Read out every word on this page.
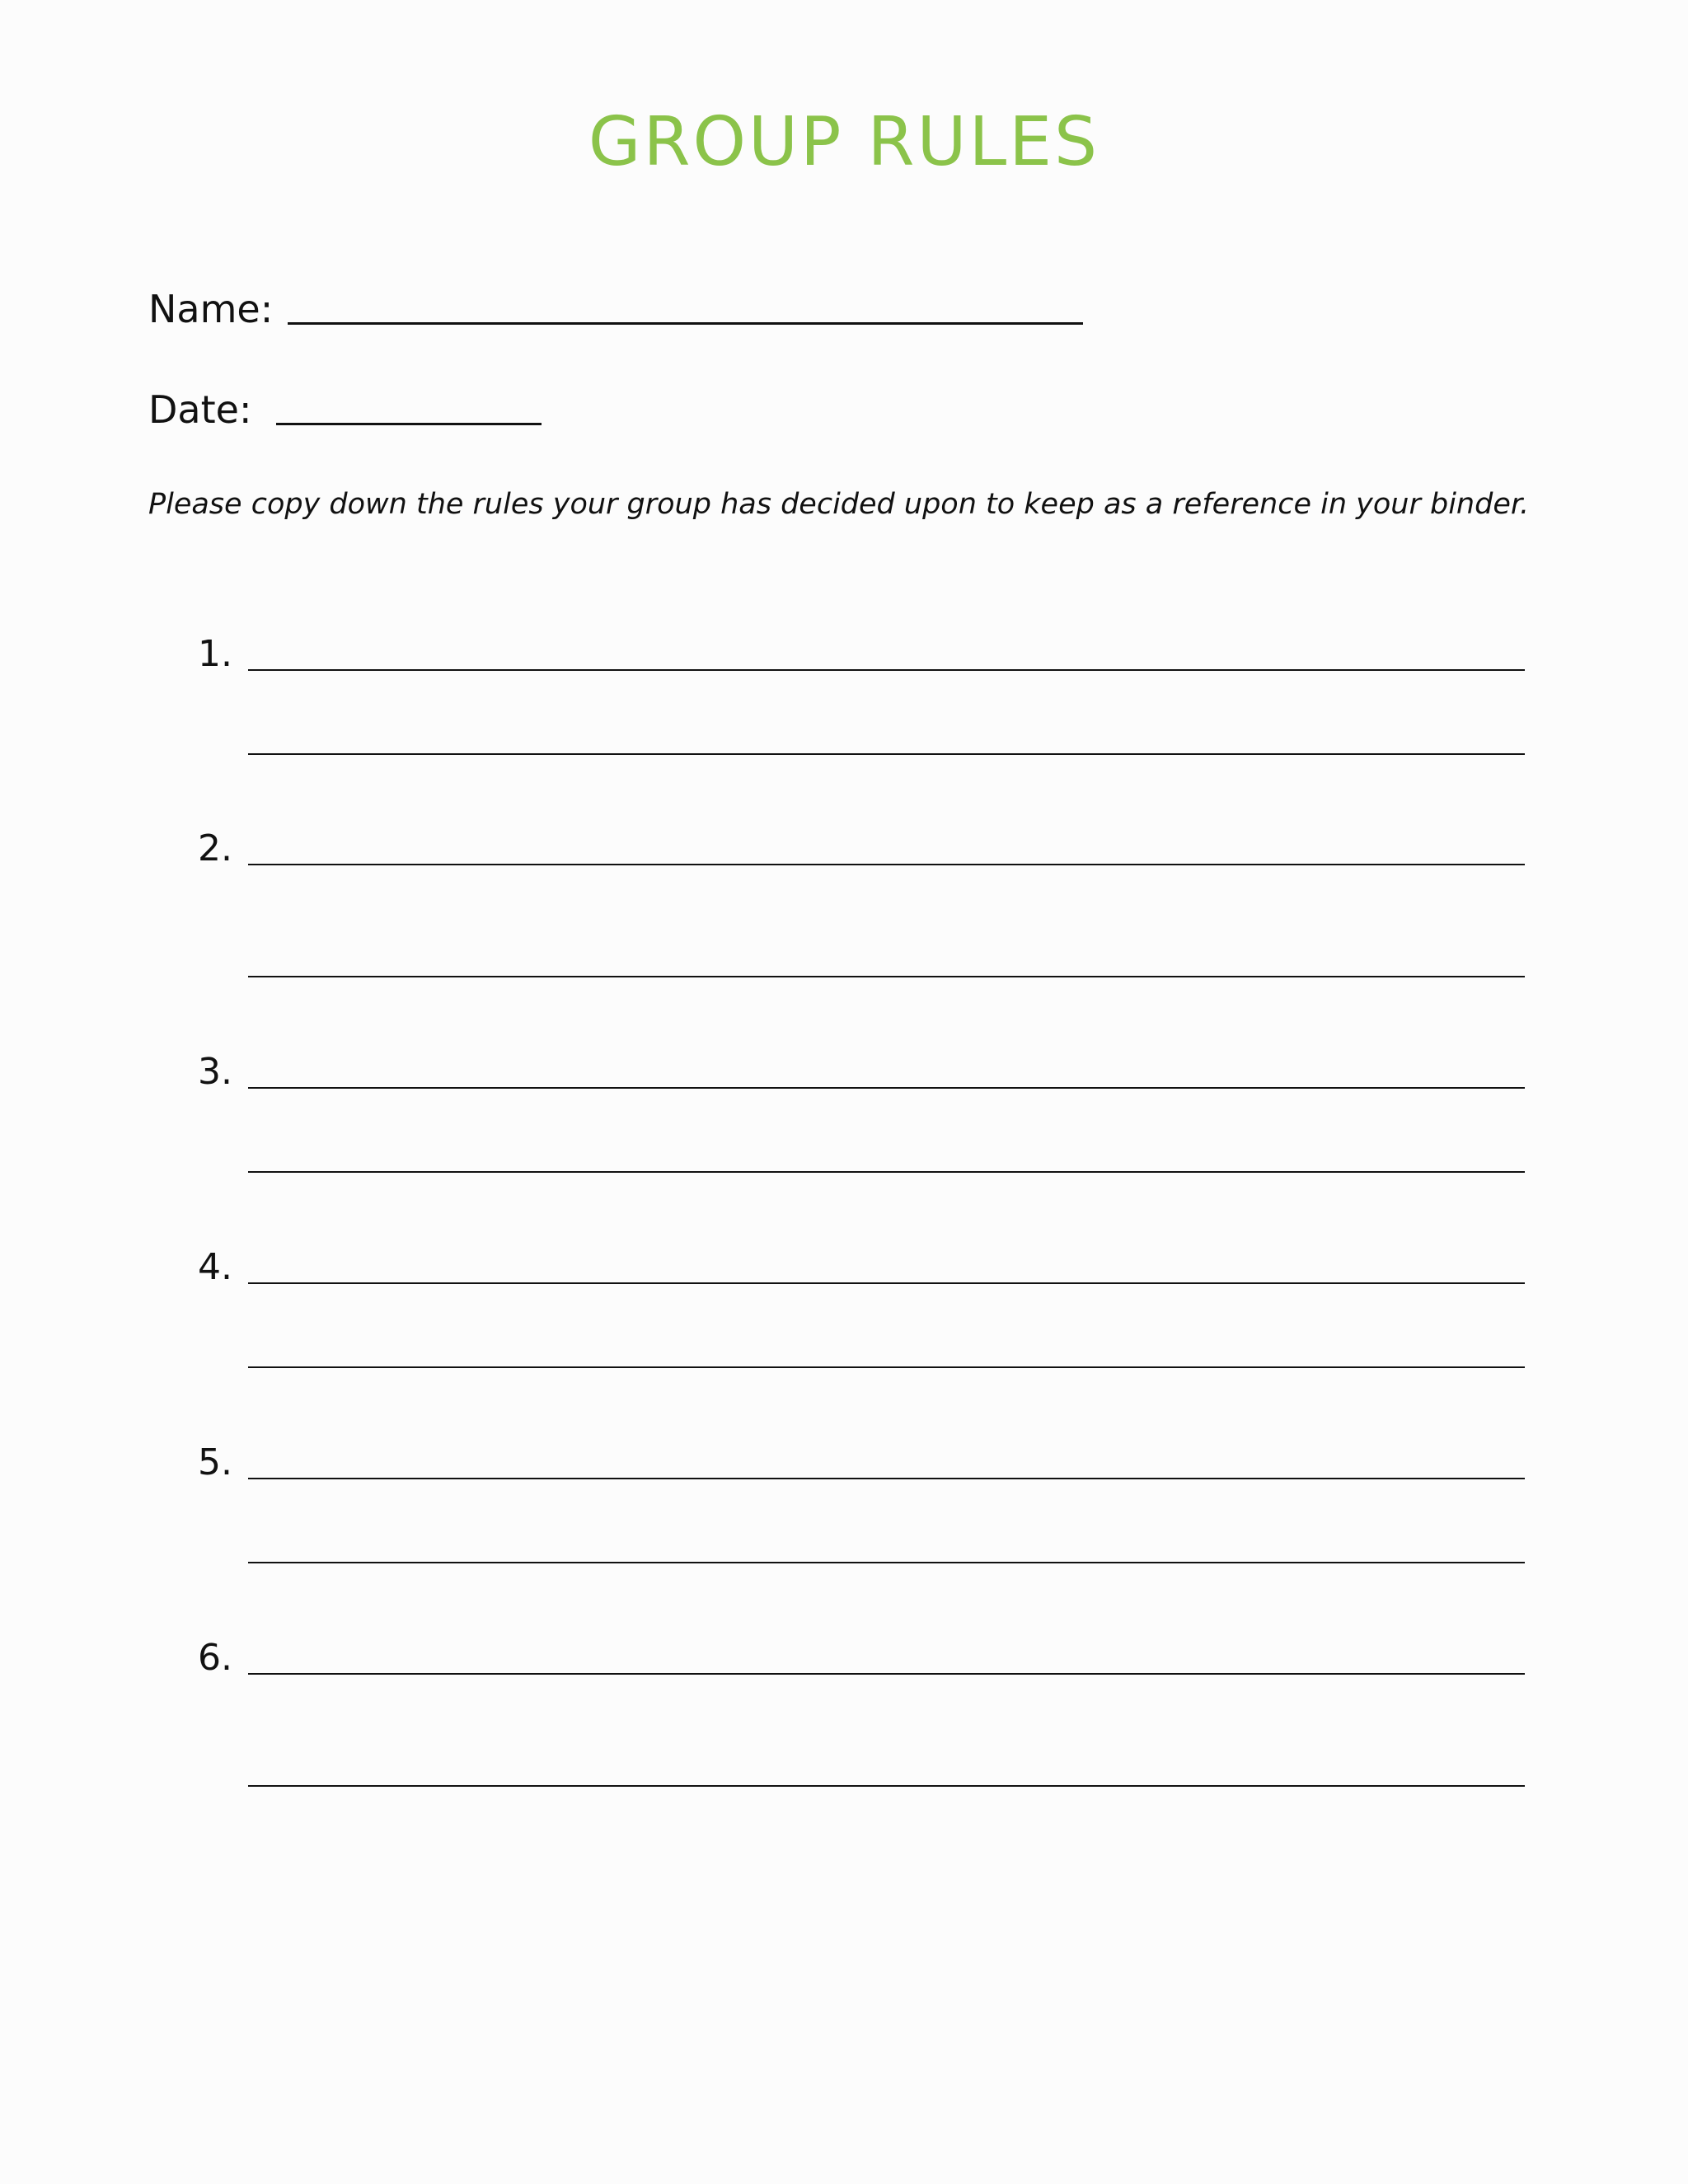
GROUP RULES
Name:
Date:
Please copy down the rules your group has decided upon to keep as a reference in your binder.
1.
2.
3.
4.
5.
6.
